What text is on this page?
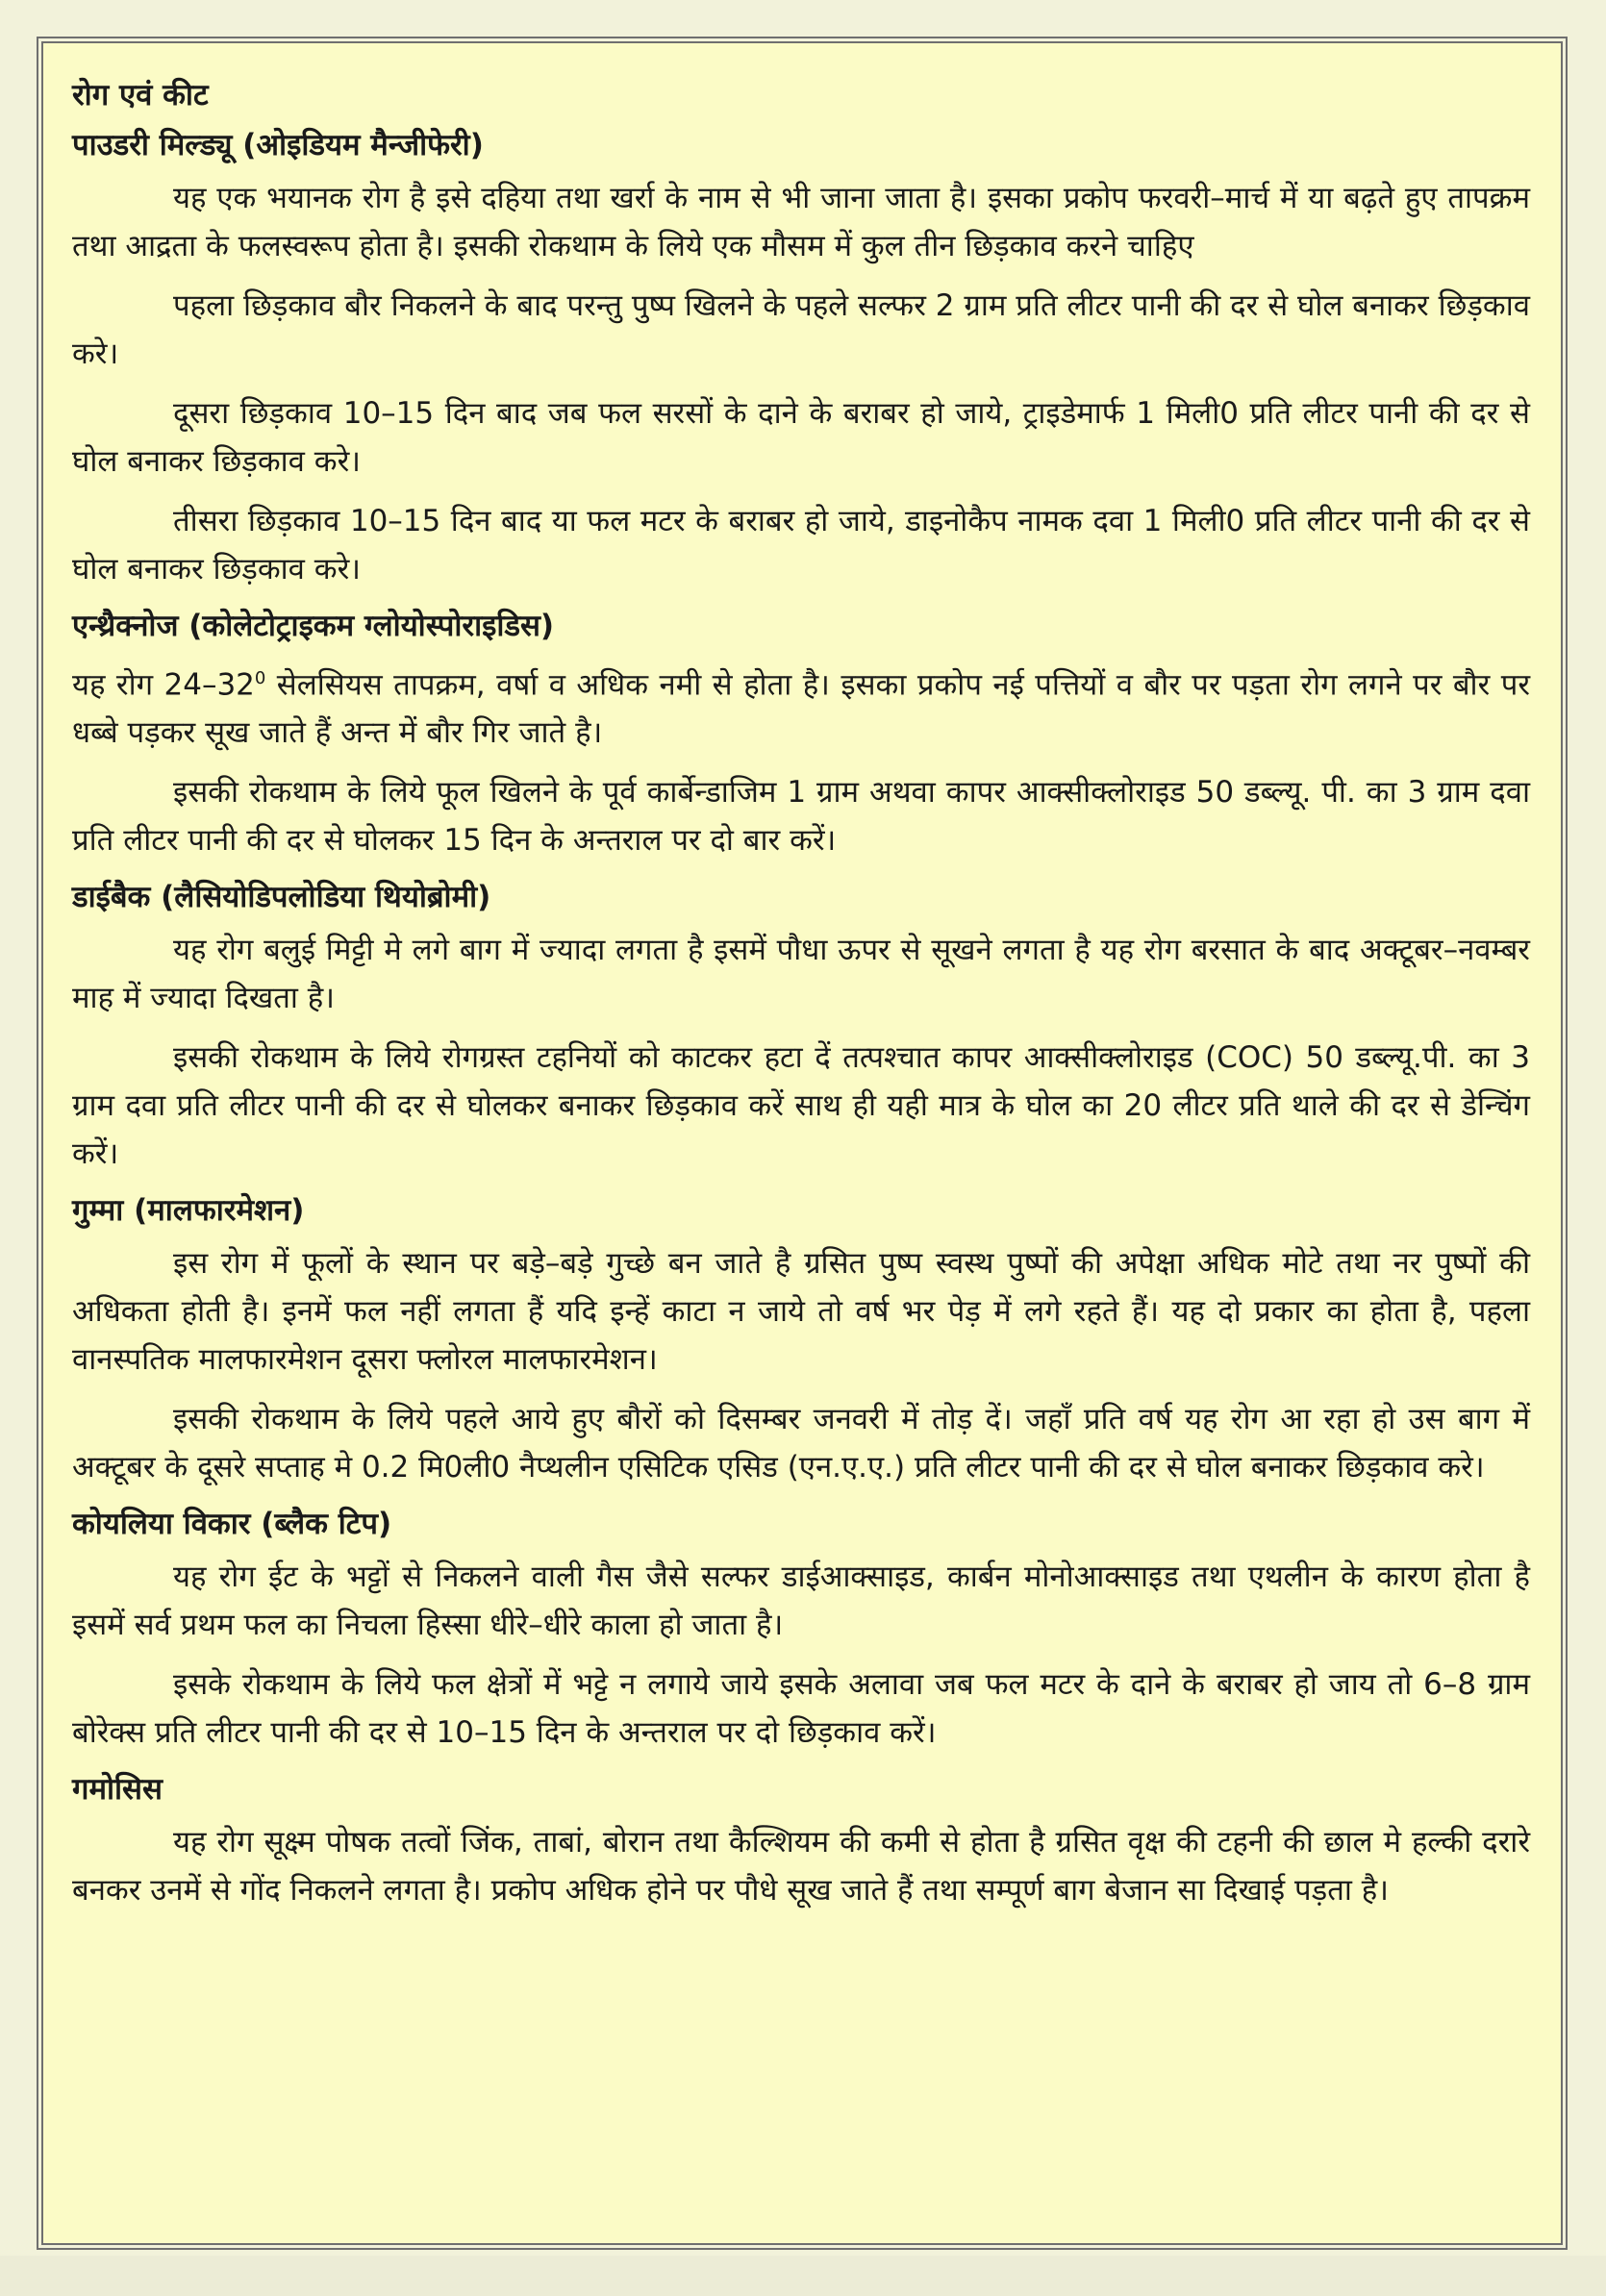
रोग एवं कीट
पाउडरी मिल्ड्यू (ओइडियम मैन्जीफेरी)

यह एक भयानक रोग है इसे दहिया तथा खर्रा के नाम से भी जाना जाता है। इसका प्रकोप फरवरी–मार्च में या बढ़ते हुए तापक्रम तथा आद्रता के फलस्वरूप होता है। इसकी रोकथाम के लिये एक मौसम में कुल तीन छिड़काव करने चाहिए

पहला छिड़काव बौर निकलने के बाद परन्तु पुष्प खिलने के पहले सल्फर 2 ग्राम प्रति लीटर पानी की दर से घोल बनाकर छिड़काव करे।

दूसरा छिड़काव 10–15 दिन बाद जब फल सरसों के दाने के बराबर हो जाये, ट्राइडेमार्फ 1 मिली0 प्रति लीटर पानी की दर से घोल बनाकर छिड़काव करे।

तीसरा छिड़काव 10–15 दिन बाद या फल मटर के बराबर हो जाये, डाइनोकैप नामक दवा 1 मिली0 प्रति लीटर पानी की दर से घोल बनाकर छिड़काव करे।

एन्थ्रैक्नोज (कोलेटोट्राइकम ग्लोयोस्पोराइडिस)

यह रोग $24-32^0$ सेलसियस तापक्रम, वर्षा व अधिक नमी से होता है। इसका प्रकोप नई पत्तियों व बौर पर पड़ता रोग लगने पर बौर पर धब्बे पड़कर सूख जाते हैं अन्त में बौर गिर जाते है।

इसकी रोकथाम के लिये फूल खिलने के पूर्व कार्बेन्डाजिम 1 ग्राम अथवा कापर आक्सीक्लोराइड 50 डब्ल्यू. पी. का 3 ग्राम दवा प्रति लीटर पानी की दर से घोलकर 15 दिन के अन्तराल पर दो बार करें।

डाईबैक (लैसियोडिपलोडिया थियोब्रोमी)

यह रोग बलुई मिट्टी मे लगे बाग में ज्यादा लगता है इसमें पौधा ऊपर से सूखने लगता है यह रोग बरसात के बाद अक्टूबर–नवम्बर माह में ज्यादा दिखता है।

इसकी रोकथाम के लिये रोगग्रस्त टहनियों को काटकर हटा दें तत्पश्चात कापर आक्सीक्लोराइड (COC) 50 डब्ल्यू.पी. का 3 ग्राम दवा प्रति लीटर पानी की दर से घोलकर बनाकर छिड़काव करें साथ ही यही मात्र के घोल का 20 लीटर प्रति थाले की दर से डेन्चिंग करें।

गुम्मा (मालफारमेशन)

इस रोग में फूलों के स्थान पर बड़े–बड़े गुच्छे बन जाते है ग्रसित पुष्प स्वस्थ पुष्पों की अपेक्षा अधिक मोटे तथा नर पुष्पों की अधिकता होती है। इनमें फल नहीं लगता हैं यदि इन्हें काटा न जाये तो वर्ष भर पेड़ में लगे रहते हैं। यह दो प्रकार का होता है, पहला वानस्पतिक मालफारमेशन दूसरा फ्लोरल मालफारमेशन।

इसकी रोकथाम के लिये पहले आये हुए बौरों को दिसम्बर जनवरी में तोड़ दें। जहाँ प्रति वर्ष यह रोग आ रहा हो उस बाग में अक्टूबर के दूसरे सप्ताह मे 0.2 मि0ली0 नैप्थलीन एसिटिक एसिड (एन.ए.ए.) प्रति लीटर पानी की दर से घोल बनाकर छिड़काव करे।

कोयलिया विकार (ब्लैक टिप)

यह रोग ईट के भट्टों से निकलने वाली गैस जैसे सल्फर डाईआक्साइड, कार्बन मोनोआक्साइड तथा एथलीन के कारण होता है इसमें सर्व प्रथम फल का निचला हिस्सा धीरे–धीरे काला हो जाता है।

इसके रोकथाम के लिये फल क्षेत्रों में भट्टे न लगाये जाये इसके अलावा जब फल मटर के दाने के बराबर हो जाय तो 6–8 ग्राम बोरेक्स प्रति लीटर पानी की दर से 10–15 दिन के अन्तराल पर दो छिड़काव करें।

गमोसिस

यह रोग सूक्ष्म पोषक तत्वों जिंक, ताबां, बोरान तथा कैल्शियम की कमी से होता है ग्रसित वृक्ष की टहनी की छाल मे हल्की दरारे बनकर उनमें से गोंद निकलने लगता है। प्रकोप अधिक होने पर पौधे सूख जाते हैं तथा सम्पूर्ण बाग बेजान सा दिखाई पड़ता है।
